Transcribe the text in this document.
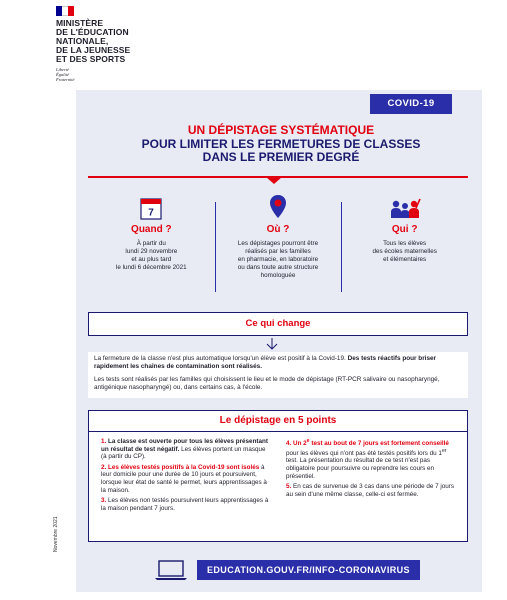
MINISTÈRE
DE L'ÉDUCATION
NATIONALE,
DE LA JEUNESSE
ET DES SPORTS
Liberté
Égalité
Fraternité
COVID-19
UN DÉPISTAGE SYSTÉMATIQUE
POUR LIMITER LES FERMETURES DE CLASSES
DANS LE PREMIER DEGRÉ
7
Quand ?
À partir du
lundi 29 novembre
et au plus tard
le lundi 6 décembre 2021
Où ?
Les dépistages pourront être
réalisés par les familles
en pharmacie, en laboratoire
ou dans toute autre structure
homologuée
Qui ?
Tous les élèves
des écoles maternelles
et élémentaires
Ce qui change

La fermeture de la classe n'est plus automatique lorsqu'un élève est positif à la Covid-19. Des tests réactifs pour briser rapidement les chaînes de contamination sont réalisés.

Les tests sont réalisés par les familles qui choisissent le lieu et le mode de dépistage (RT-PCR salivaire ou nasopharyngé, antigénique nasopharyngé) ou, dans certains cas, à l'école.

Le dépistage en 5 points

1. La classe est ouverte pour tous les élèves présentant un résultat de test négatif. Les élèves portent un masque (à partir du CP).

2. Les élèves testés positifs à la Covid-19 sont isolés à leur domicile pour une durée de 10 jours et poursuivent, lorsque leur état de santé le permet, leurs apprentissages à la maison.

3. Les élèves non testés poursuivent leurs apprentissages à la maison pendant 7 jours.

4. Un 2e test au bout de 7 jours est fortement conseillé pour les élèves qui n'ont pas été testés positifs lors du 1er test. La présentation du résultat de ce test n'est pas obligatoire pour poursuivre ou reprendre les cours en présentiel.

5. En cas de survenue de 3 cas dans une période de 7 jours au sein d'une même classe, celle-ci est fermée.

EDUCATION.GOUV.FR/INFO-CORONAVIRUS
Novembre 2021
